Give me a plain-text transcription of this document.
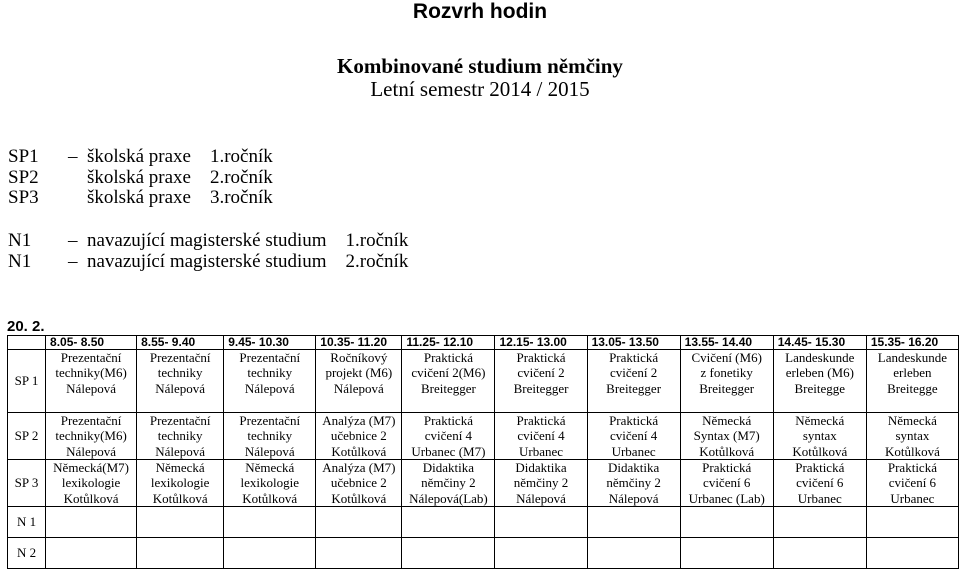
Rozvrh hodin
Kombinované studium němčiny
Letní semestr 2014 / 2015
SP1 –  školská praxe    1.ročník
SP2    školská praxe    2.ročník
SP3    školská praxe    3.ročník
N1 –  navazující magisterské studium    1.ročník
N1 –  navazující magisterské studium    2.ročník
20. 2.
	8.05- 8.50	8.55- 9.40	9.45- 10.30	10.35- 11.20	11.25- 12.10	12.15- 13.00	13.05- 13.50	13.55- 14.40	14.45- 15.30	15.35- 16.20
SP 1	Prezentační
techniky(M6)
Nálepová	Prezentační
techniky
Nálepová	Prezentační
techniky
Nálepová	Ročníkový
projekt (M6)
Nálepová	Praktická
cvičení 2(M6)
Breitegger	Praktická
cvičení 2
Breitegger	Praktická
cvičení 2
Breitegger	Cvičení (M6)
z fonetiky
Breitegger	Landeskunde
erleben (M6)
Breitegge	Landeskunde
erleben
Breitegge

SP 2	Prezentační
techniky(M6)
Nálepová	Prezentační
techniky
Nálepová	Prezentační
techniky
Nálepová	Analýza (M7)
učebnice 2
Kotůlková	Praktická
cvičení 4
Urbanec (M7)	Praktická
cvičení 4
Urbanec	Praktická
cvičení 4
Urbanec	Německá
Syntax (M7)
Kotůlková	Německá
syntax
Kotůlková	Německá
syntax
Kotůlková

SP 3	Německá(M7)
lexikologie
Kotůlková	Německá
lexikologie
Kotůlková	Německá
lexikologie
Kotůlková	Analýza (M7)
učebnice 2
Kotůlková	Didaktika
němčiny 2
Nálepová(Lab)	Didaktika
němčiny 2
Nálepová	Didaktika
němčiny 2
Nálepová	Praktická
cvičení 6
Urbanec (Lab)	Praktická
cvičení 6
Urbanec	Praktická
cvičení 6
Urbanec

N 1										
N 2										
